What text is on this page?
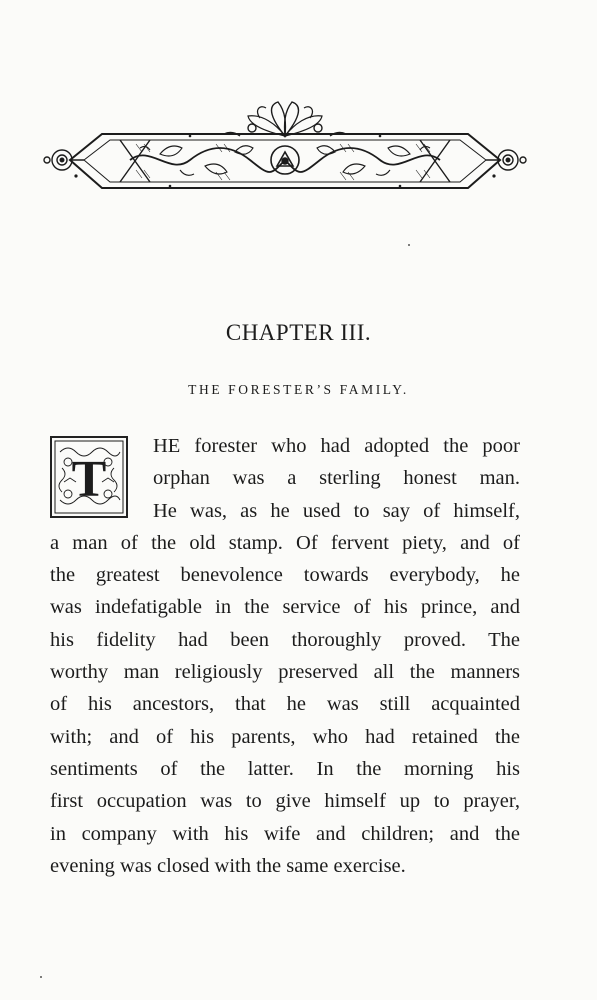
CHAPTER III.
THE FORESTER’S FAMILY.
HE forester who had adopted the poor
orphan was a sterling honest man.
He was, as he used to say of himself,
a man of the old stamp. Of fervent piety, and of
the greatest benevolence towards everybody, he
was indefatigable in the service of his prince, and
his fidelity had been thoroughly proved. The
worthy man religiously preserved all the manners
of his ancestors, that he was still acquainted
with; and of his parents, who had retained the
sentiments of the latter. In the morning his
first occupation was to give himself up to prayer,
in company with his wife and children; and the
evening was closed with the same exercise.
T
